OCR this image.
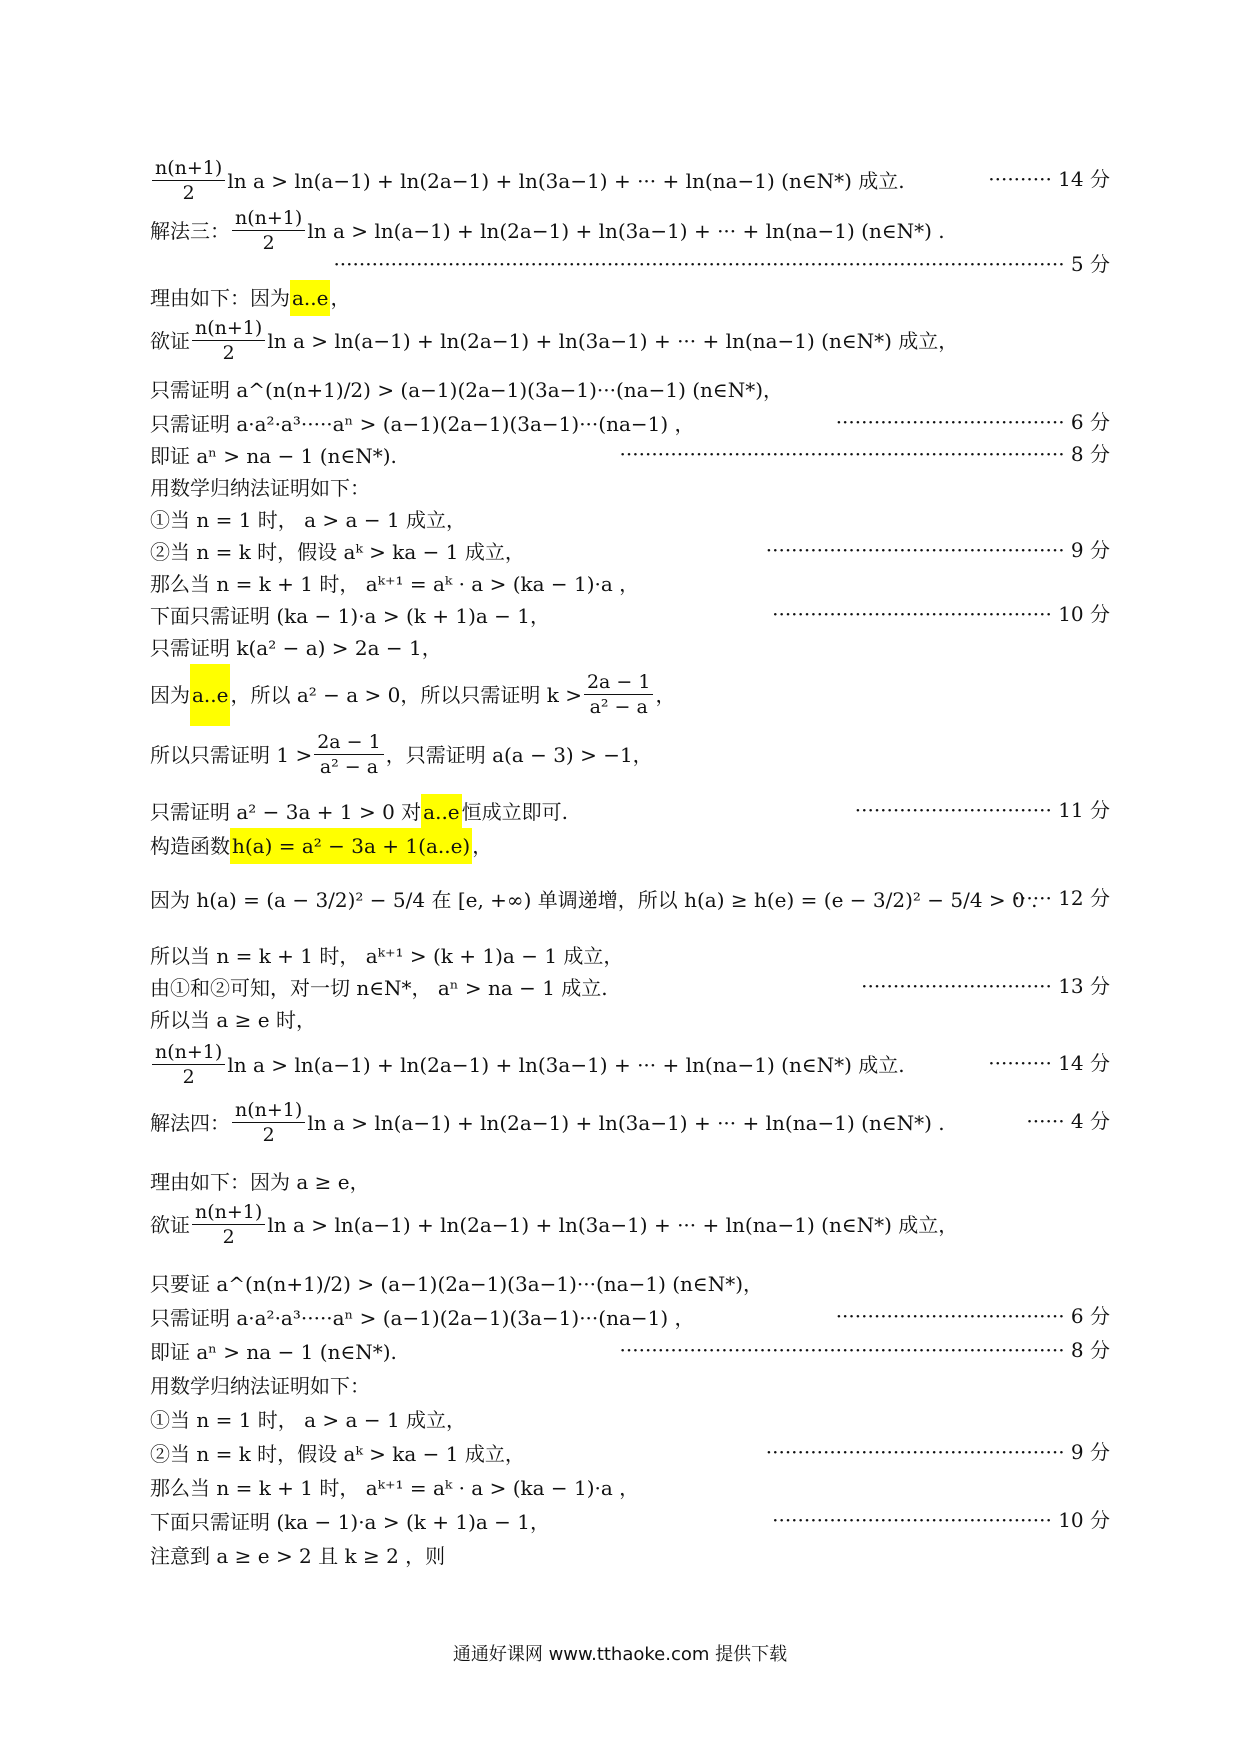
$\frac{n(n+1)}{2}$ ln a > ln(a−1) + ln(2a−1) + ln(3a−1) + ··· + ln(na−1) (n∈N*) 成立.	·········· 14 分
解法三： $\frac{n(n+1)}{2}$ ln a > ln(a−1) + ln(2a−1) + ln(3a−1) + ··· + ln(na−1) (n∈N*) .
··················································································································· 5 分
理由如下：因为 a..e ，
欲证 $\frac{n(n+1)}{2}$ ln a > ln(a−1) + ln(2a−1) + ln(3a−1) + ··· + ln(na−1) (n∈N*) 成立，
只需证明 a^(n(n+1)/2) > (a−1)(2a−1)(3a−1)···(na−1) (n∈N*)，
只需证明 a·a²·a³·····aⁿ > (a−1)(2a−1)(3a−1)···(na−1) ，	···································· 6 分
即证 aⁿ > na − 1 (n∈N*).	······································································ 8 分
用数学归纳法证明如下：
①当 n = 1 时， a > a − 1 成立，
②当 n = k 时，假设 aᵏ > ka − 1 成立，	··············································· 9 分
那么当 n = k + 1 时， aᵏ⁺¹ = aᵏ · a > (ka − 1)·a ，
下面只需证明 (ka − 1)·a > (k + 1)a − 1，	············································ 10 分
只需证明 k(a² − a) > 2a − 1，
因为 a..e ，所以 a² − a > 0，所以只需证明 $k > \frac{2a - 1}{\text{a² − a}}$ ，
所以只需证明 $1 > \frac{2a - 1}{\text{a² − a}}$ ，只需证明 a(a − 3) > −1，
只需证明 a² − 3a + 1 > 0 对 a..e 恒成立即可.	······························· 11 分
构造函数 h(a) = a² − 3a + 1(a..e) ，
因为 h(a) = (a − 3/2)² − 5/4 在 [e, +∞) 单调递增，所以 h(a) ≥ h(e) = (e − 3/2)² − 5/4 > 0 .
······ 12 分
所以当 n = k + 1 时， aᵏ⁺¹ > (k + 1)a − 1 成立，
由①和②可知，对一切 n∈N*， aⁿ > na − 1 成立.	······························ 13 分
所以当 a ≥ e 时，
$\frac{n(n+1)}{2}$ ln a > ln(a−1) + ln(2a−1) + ln(3a−1) + ··· + ln(na−1) (n∈N*) 成立.	·········· 14 分
解法四： $\frac{n(n+1)}{2}$ ln a > ln(a−1) + ln(2a−1) + ln(3a−1) + ··· + ln(na−1) (n∈N*) .	······ 4 分
理由如下：因为 a ≥ e，
欲证 $\frac{n(n+1)}{2}$ ln a > ln(a−1) + ln(2a−1) + ln(3a−1) + ··· + ln(na−1) (n∈N*) 成立，
只要证 a^(n(n+1)/2) > (a−1)(2a−1)(3a−1)···(na−1) (n∈N*)，
只需证明 a·a²·a³·····aⁿ > (a−1)(2a−1)(3a−1)···(na−1) ，	···································· 6 分
即证 aⁿ > na − 1 (n∈N*).	······································································ 8 分
用数学归纳法证明如下：
①当 n = 1 时， a > a − 1 成立，
②当 n = k 时，假设 aᵏ > ka − 1 成立，	··············································· 9 分
那么当 n = k + 1 时， aᵏ⁺¹ = aᵏ · a > (ka − 1)·a ，
下面只需证明 (ka − 1)·a > (k + 1)a − 1，	············································ 10 分
注意到 a ≥ e > 2 且 k ≥ 2 ，则
通通好课网 www.tthaoke.com 提供下载
